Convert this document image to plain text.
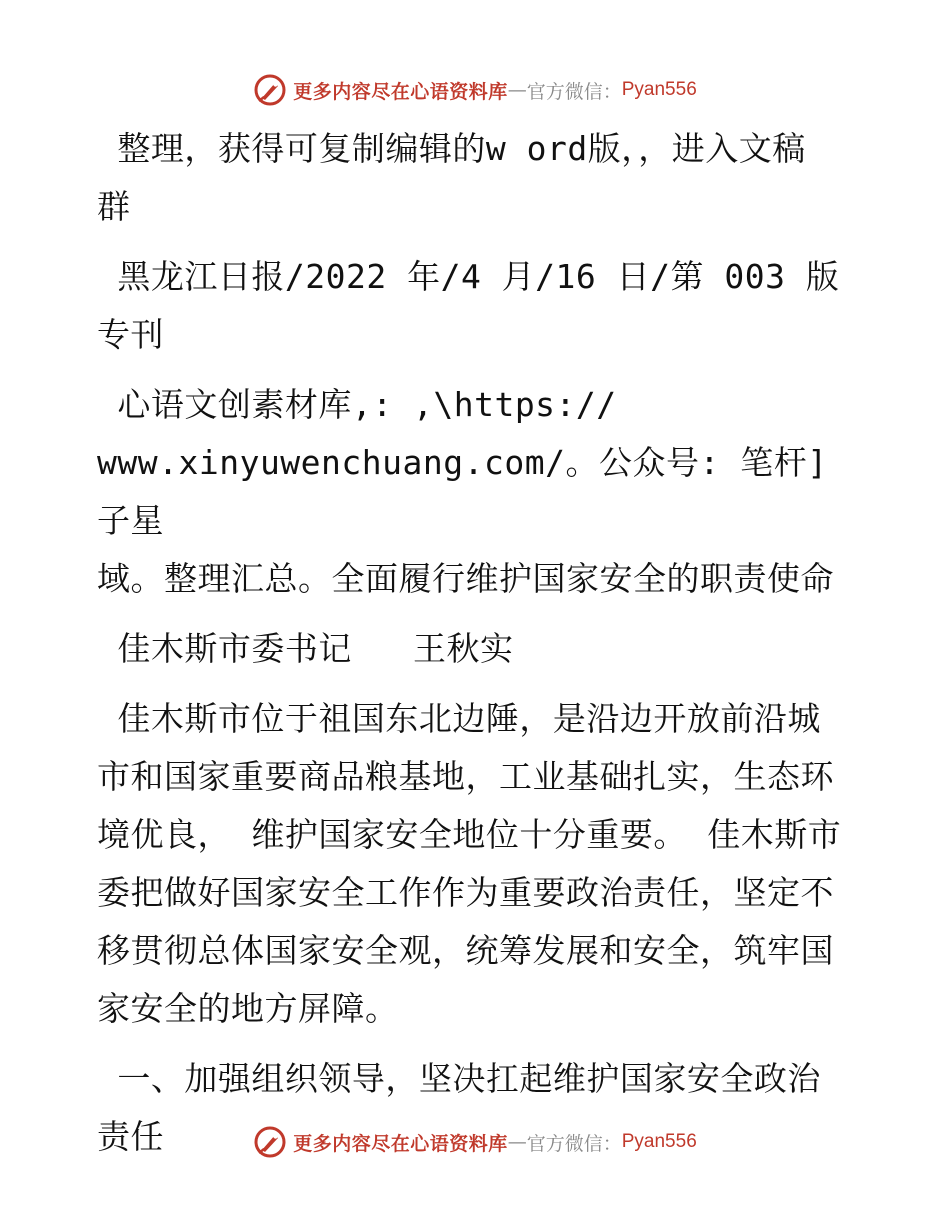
更多内容尽在心语资料库 — 官方微信： Pyan556

整理，获得可复制编辑的w ord版，，进入文稿

群

黑龙江日报/2022 年/4 月/16 日/第 003 版专刊

心语文创素材库,: ,\https://

www.xinyuwenchuang.com/。公众号: 笔杆]子星

域。整理汇总。全面履行维护国家安全的职责使命

佳木斯市委书记   王秋实

佳木斯市位于祖国东北边陲，是沿边开放前沿城

市和国家重要商品粮基地，工业基础扎实，生态环

境优良， 维护国家安全地位十分重要。 佳木斯市

委把做好国家安全工作作为重要政治责任，坚定不

移贯彻总体国家安全观，统筹发展和安全，筑牢国

家安全的地方屏障。

一、加强组织领导，坚决扛起维护国家安全政治

责任	更多内容尽在心语资料库 — 官方微信： Pyan556
